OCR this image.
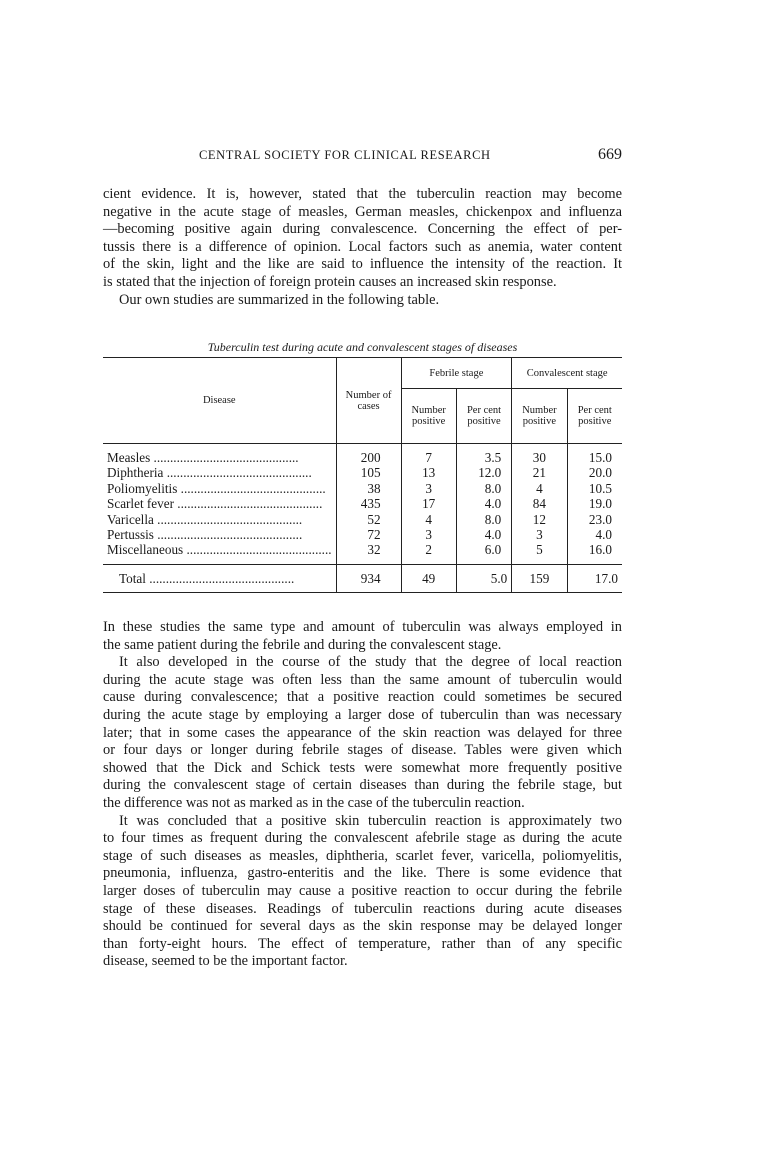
CENTRAL SOCIETY FOR CLINICAL RESEARCH	669
cient evidence. It is, however, stated that the tuberculin reaction may become
negative in the acute stage of measles, German measles, chickenpox and influenza
—becoming positive again during convalescence. Concerning the effect of per-
tussis there is a difference of opinion. Local factors such as anemia, water content
of the skin, light and the like are said to influence the intensity of the reaction. It
is stated that the injection of foreign protein causes an increased skin response.
Our own studies are summarized in the following table.
Tuberculin test during acute and convalescent stages of diseases
Disease	Number of cases	Febrile stage		Convalescent stage	
		Number positive	Per cent positive	Number positive	Per cent positive
Measles .....	200	7	3.5	30	15.0
Diphtheria .....	105	13	12.0	21	20.0
Poliomyelitis .....	38	3	8.0	4	10.5
Scarlet fever .....	435	17	4.0	84	19.0
Varicella .....	52	4	8.0	12	23.0
Pertussis .....	72	3	4.0	3	4.0
Miscellaneous .....	32	2	6.0	5	16.0
Total .....	934	49	5.0	159	17.0
In these studies the same type and amount of tuberculin was always employed in
the same patient during the febrile and during the convalescent stage.
It also developed in the course of the study that the degree of local reaction
during the acute stage was often less than the same amount of tuberculin would
cause during convalescence; that a positive reaction could sometimes be secured
during the acute stage by employing a larger dose of tuberculin than was necessary
later; that in some cases the appearance of the skin reaction was delayed for three
or four days or longer during febrile stages of disease. Tables were given which
showed that the Dick and Schick tests were somewhat more frequently positive
during the convalescent stage of certain diseases than during the febrile stage, but
the difference was not as marked as in the case of the tuberculin reaction.
It was concluded that a positive skin tuberculin reaction is approximately two
to four times as frequent during the convalescent afebrile stage as during the acute
stage of such diseases as measles, diphtheria, scarlet fever, varicella, poliomyelitis,
pneumonia, influenza, gastro-enteritis and the like. There is some evidence that
larger doses of tuberculin may cause a positive reaction to occur during the febrile
stage of these diseases. Readings of tuberculin reactions during acute diseases
should be continued for several days as the skin response may be delayed longer
than forty-eight hours. The effect of temperature, rather than of any specific
disease, seemed to be the important factor.
